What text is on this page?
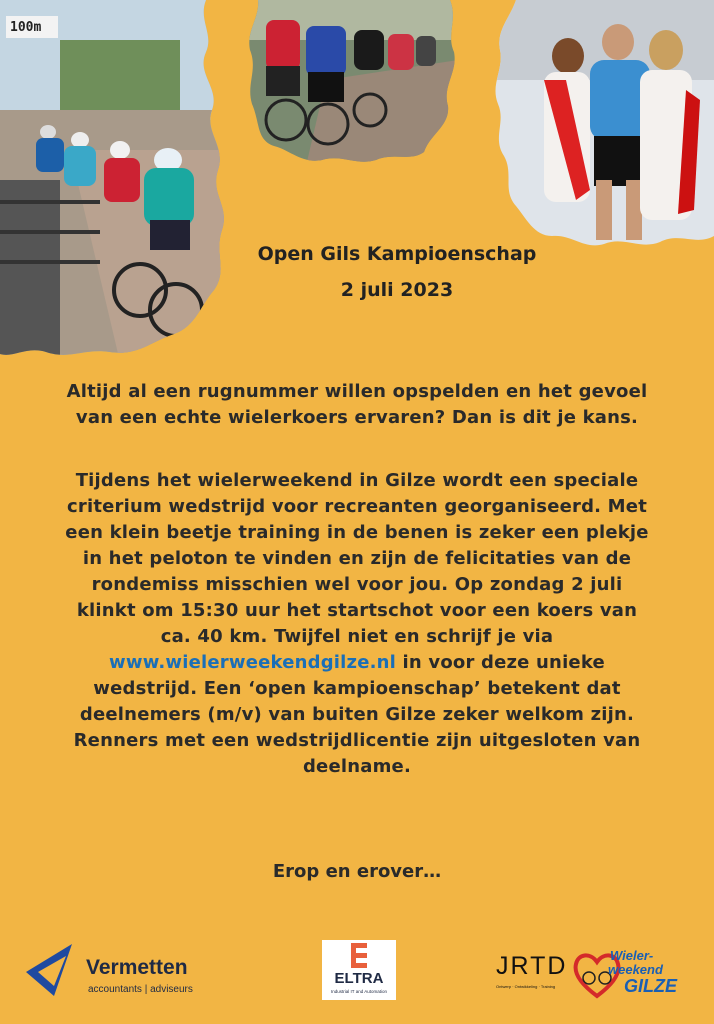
100m
Open Gils Kampioenschap
2 juli 2023
Altijd al een rugnummer willen opspelden en het gevoel van een echte wielerkoers ervaren? Dan is dit je kans.
Tijdens het wielerweekend in Gilze wordt een speciale criterium wedstrijd voor recreanten georganiseerd. Met een klein beetje training in de benen is zeker een plekje in het peloton te vinden en zijn de felicitaties van de rondemiss misschien wel voor jou. Op zondag 2 juli klinkt om 15:30 uur het startschot voor een koers van ca. 40 km. Twijfel niet en schrijf je via www.wielerweekendgilze.nl in voor deze unieke wedstrijd. Een ‘open kampioenschap’ betekent dat deelnemers (m/v) van buiten Gilze zeker welkom zijn. Renners met een wedstrijdlicentie zijn uitgesloten van deelname.
Erop en erover…
Vermetten
accountants | adviseurs
ELTRA
Industrial IT and Automation
JRTD
Ontwerp · Ontwikkeling · Training
Wieler-
weekend
GILZE
